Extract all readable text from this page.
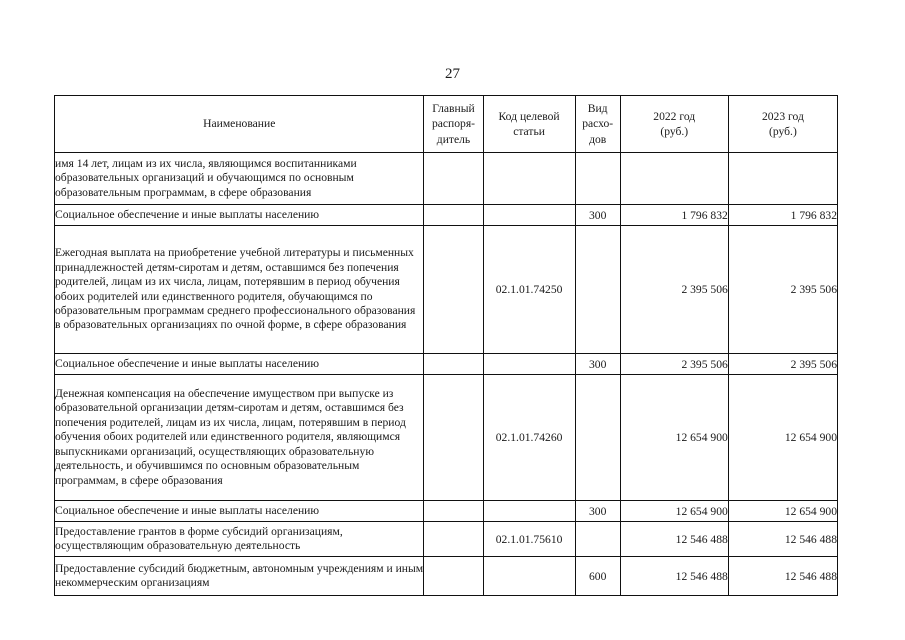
27
Наименование	Главный распоря-дитель	Код целевой статьи	Вид расхо-дов	2022 год (руб.)	2023 год (руб.)
имя 14 лет, лицам из их числа, являющимся воспитанниками образовательных организаций и обучающимся по основным образовательным программам, в сфере образования					
Социальное обеспечение и иные выплаты населению			300	1 796 832	1 796 832
Ежегодная выплата на приобретение учебной литературы и письменных принадлежностей детям-сиротам и детям, оставшимся без попечения родителей, лицам из их числа, лицам, потерявшим в период обучения обоих родителей или единственного родителя, обучающимся по образовательным программам среднего профессионального образования в образовательных организациях по очной форме, в сфере образования		02.1.01.74250		2 395 506	2 395 506
Социальное обеспечение и иные выплаты населению			300	2 395 506	2 395 506
Денежная компенсация на обеспечение имуществом при выпуске из образовательной организации детям-сиротам и детям, оставшимся без попечения родителей, лицам из их числа, лицам, потерявшим в период обучения обоих родителей или единственного родителя, являющимся выпускниками организаций, осуществляющих образовательную деятельность, и обучившимся по основным образовательным программам, в сфере образования		02.1.01.74260		12 654 900	12 654 900
Социальное обеспечение и иные выплаты населению			300	12 654 900	12 654 900
Предоставление грантов в форме субсидий организациям, осуществляющим образовательную деятельность		02.1.01.75610		12 546 488	12 546 488
Предоставление субсидий бюджетным, автономным учреждениям и иным некоммерческим организациям			600	12 546 488	12 546 488
